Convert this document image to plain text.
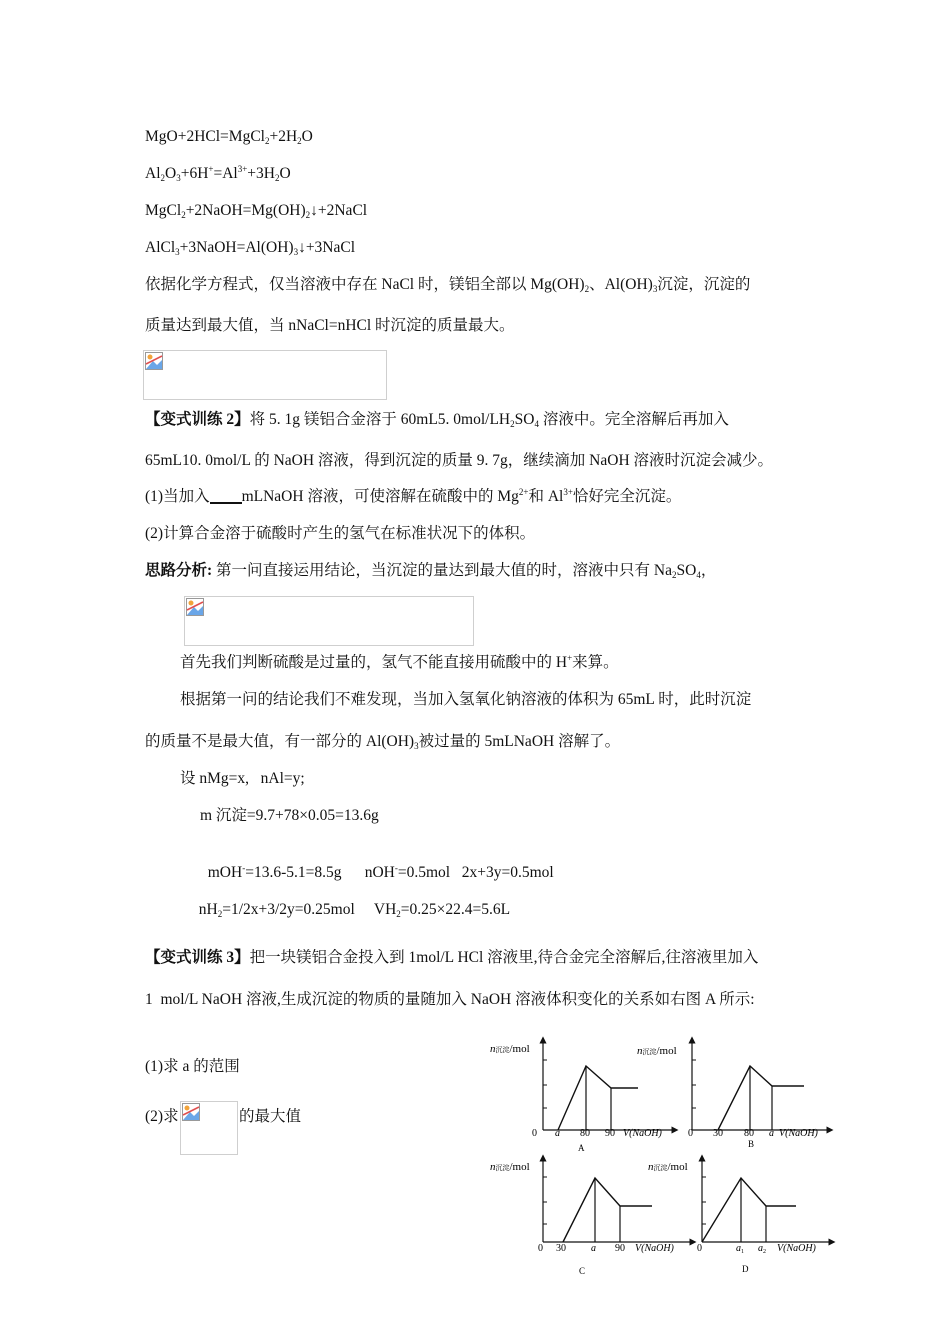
$MgO+2HCl=MgCl_2+2H_2O$
$Al_2O_3+6H^+=Al^{3+}+3H_2O$
$MgCl_2+2NaOH=Mg(OH)_2↓+2NaCl$
$AlCl_3+3NaOH=Al(OH)_3↓+3NaCl$
依据化学方程式，仅当溶液中存在 NaCl 时，镁铝全部以 $Mg(OH)_2$、$Al(OH)_3$沉淀，沉淀的
质量达到最大值，当 nNaCl=nHCl 时沉淀的质量最大。
【变式训练 2】将 5. 1g 镁铝合金溶于 60mL5. $0mol/LH_2SO_4$ 溶液中。完全溶解后再加入
65mL10. 0mol/L 的 NaOH 溶液，得到沉淀的质量 9. 7g，继续滴加 NaOH 溶液时沉淀会减少。
(1)当加入 mLNaOH 溶液，可使溶解在硫酸中的 $Mg^{2+}$和 $Al^{3+}$恰好完全沉淀。
(2)计算合金溶于硫酸时产生的氢气在标准状况下的体积。
思路分析: 第一问直接运用结论，当沉淀的量达到最大值的时，溶液中只有 $Na_2SO_4$，
首先我们判断硫酸是过量的，氢气不能直接用硫酸中的 H+来算。
根据第一问的结论我们不难发现，当加入氢氧化钠溶液的体积为 65mL 时，此时沉淀
的质量不是最大值，有一部分的 $Al(OH)_3$被过量的 5mLNaOH 溶解了。
设 nMg=x,   nAl=y;
m 沉淀=9.7+78×0.05=13.6g

mOH-=13.6-5.1=8.5g      nOH-=0.5mol   2x+3y=0.5mol

$nH_2=1/2x+3/2y=0.25mol$     $VH_2=0.25\times 22.4=5.6L$

【变式训练 3】把一块镁铝合金投入到 1mol/L HCl 溶液里,待合金完全溶解后,往溶液里加入
1  mol/L NaOH 溶液,生成沉淀的物质的量随加入 NaOH 溶液体积变化的关系如右图 A 所示:
(1)求 a 的范围
(2)求	的最大值
n沉淀/mol
0 a 80 90 V(NaOH)
A
n沉淀/mol
0 30 80 a V(NaOH)
B
n沉淀/mol
0 30	a 90 V(NaOH)
C
n沉淀/mol
0	$a_1$ $a_2$ V(NaOH)
D
